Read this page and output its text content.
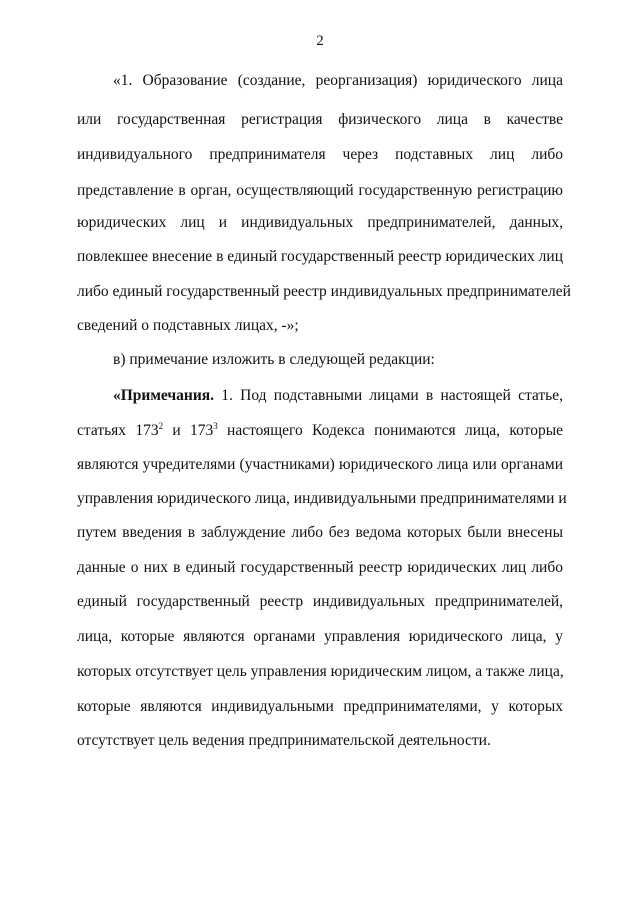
2
«1. Образование (создание, реорганизация) юридического лица
или государственная регистрация физического лица в качестве
индивидуального предпринимателя через подставных лиц либо
представление в орган, осуществляющий государственную регистрацию
юридических лиц и индивидуальных предпринимателей, данных,
повлекшее внесение в единый государственный реестр юридических лиц
либо единый государственный реестр индивидуальных предпринимателей
сведений о подставных лицах, -»;
в) примечание изложить в следующей редакции:
«Примечания. 1. Под подставными лицами в настоящей статье,
статьях $173^2$ и $173^3$ настоящего Кодекса понимаются лица, которые
являются учредителями (участниками) юридического лица или органами
управления юридического лица, индивидуальными предпринимателями и
путем введения в заблуждение либо без ведома которых были внесены
данные о них в единый государственный реестр юридических лиц либо
единый государственный реестр индивидуальных предпринимателей,
лица, которые являются органами управления юридического лица, у
которых отсутствует цель управления юридическим лицом, а также лица,
которые являются индивидуальными предпринимателями, у которых
отсутствует цель ведения предпринимательской деятельности.
